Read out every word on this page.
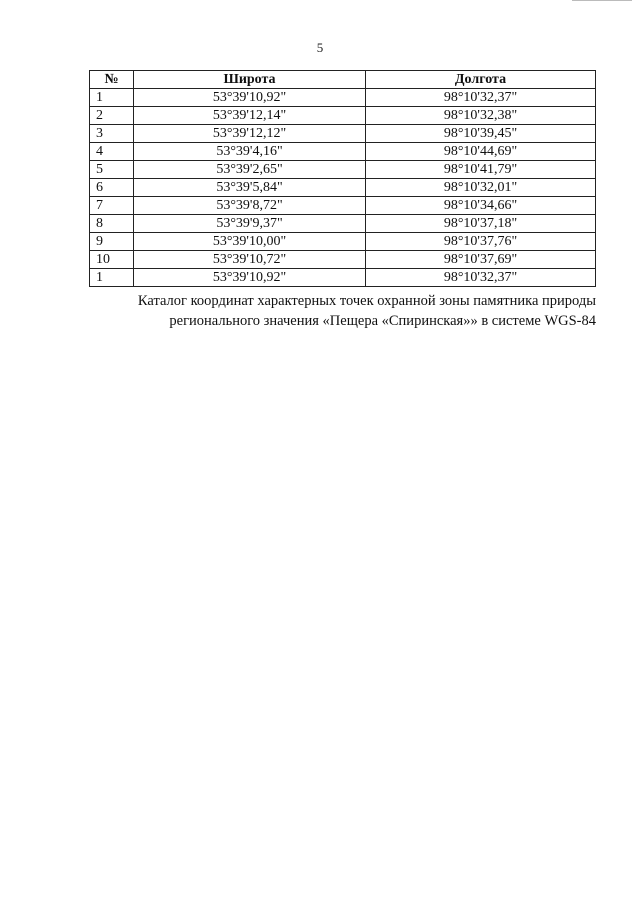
5
№	Широта	Долгота
1	53°39'10,92"	98°10'32,37"
2	53°39'12,14"	98°10'32,38"
3	53°39'12,12"	98°10'39,45"
4	53°39'4,16"	98°10'44,69"
5	53°39'2,65"	98°10'41,79"
6	53°39'5,84"	98°10'32,01"
7	53°39'8,72"	98°10'34,66"
8	53°39'9,37"	98°10'37,18"
9	53°39'10,00"	98°10'37,76"
10	53°39'10,72"	98°10'37,69"
1	53°39'10,92"	98°10'32,37"
Каталог координат характерных точек охранной зоны памятника природы
регионального значения «Пещера «Спиринская»» в системе WGS-84
